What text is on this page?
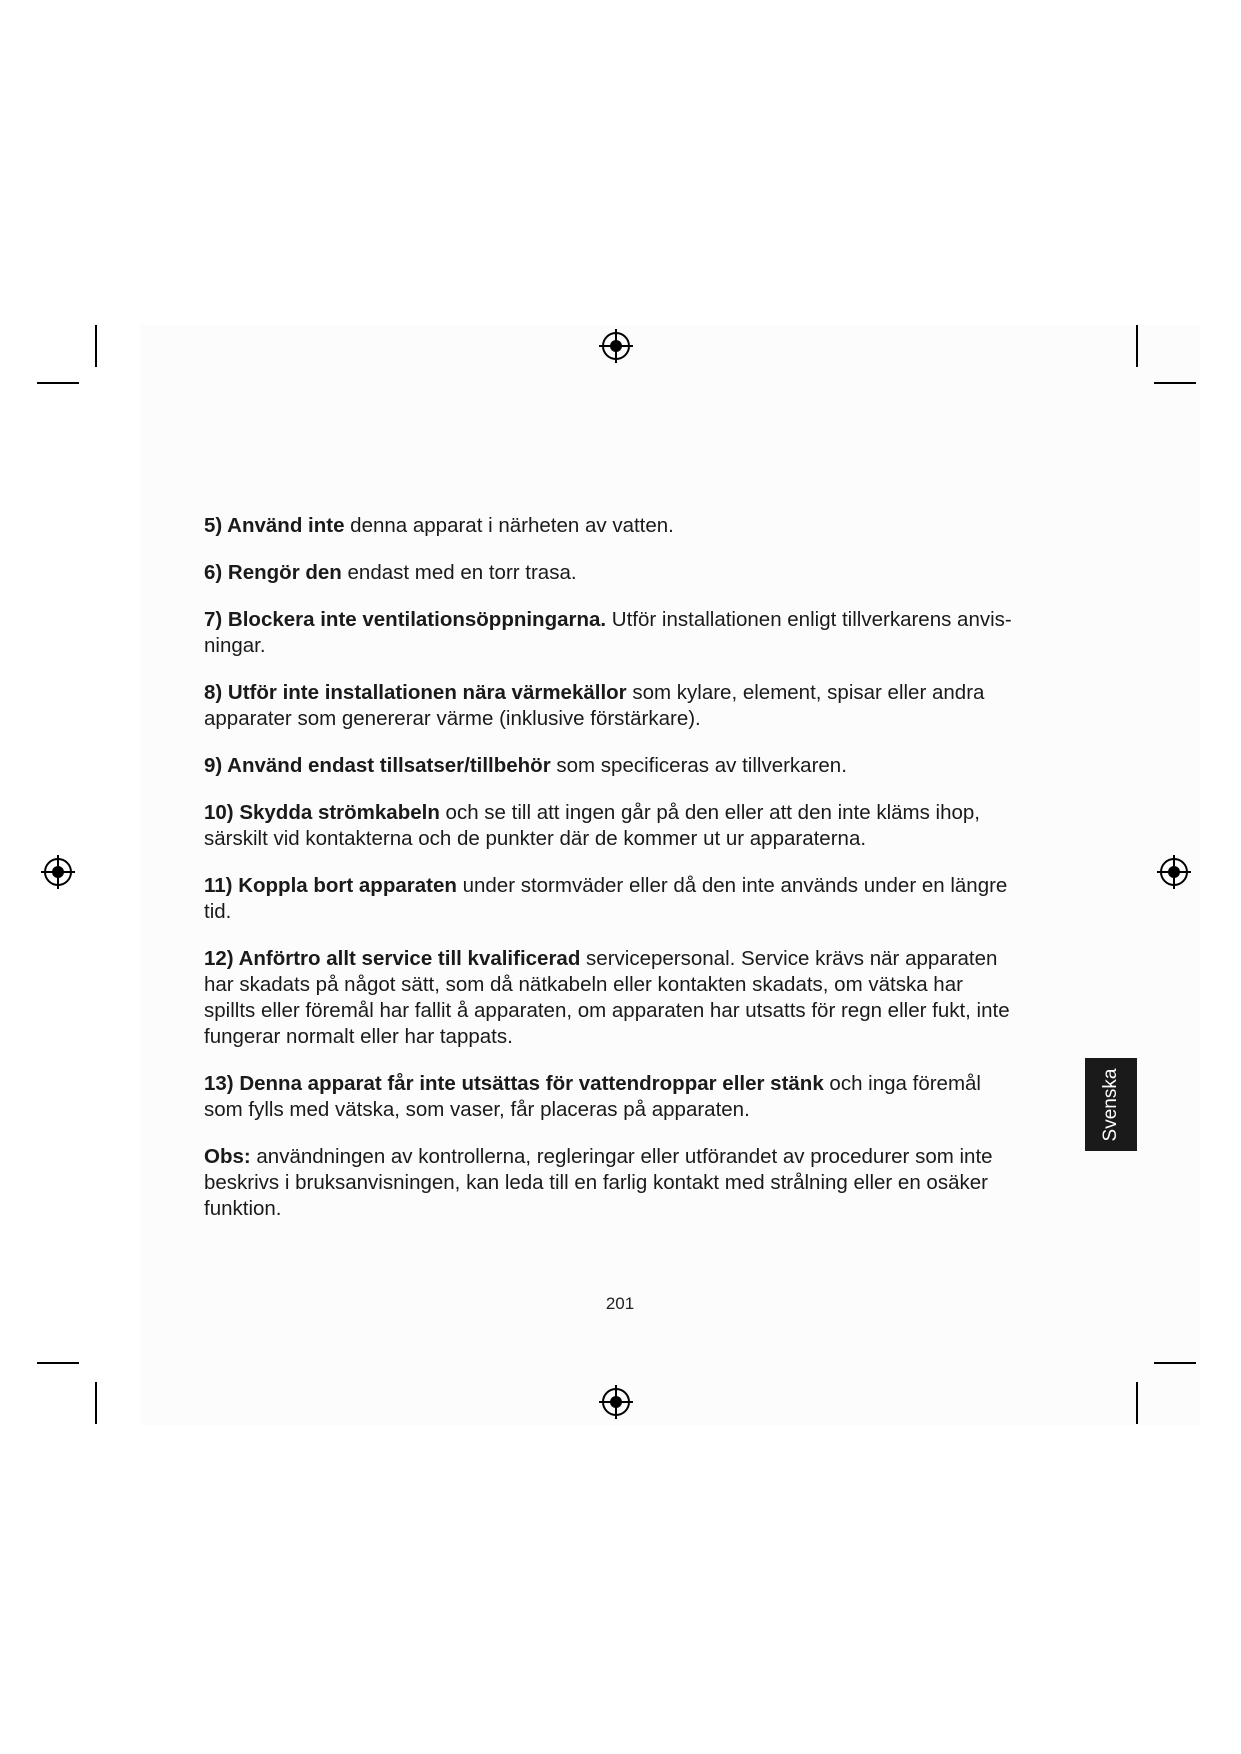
5) Använd inte denna apparat i närheten av vatten.

6) Rengör den endast med en torr trasa.

7) Blockera inte ventilationsöppningarna. Utför installationen enligt tillverkarens anvis-
ningar.

8) Utför inte installationen nära värmekällor som kylare, element, spisar eller andra
apparater som genererar värme (inklusive förstärkare).

9) Använd endast tillsatser/tillbehör som specificeras av tillverkaren.

10) Skydda strömkabeln och se till att ingen går på den eller att den inte kläms ihop,
särskilt vid kontakterna och de punkter där de kommer ut ur apparaterna.

11) Koppla bort apparaten under stormväder eller då den inte används under en längre
tid.

12) Anförtro allt service till kvalificerad servicepersonal. Service krävs när apparaten
har skadats på något sätt, som då nätkabeln eller kontakten skadats, om vätska har
spillts eller föremål har fallit å apparaten, om apparaten har utsatts för regn eller fukt, inte
fungerar normalt eller har tappats.

13) Denna apparat får inte utsättas för vattendroppar eller stänk och inga föremål
som fylls med vätska, som vaser, får placeras på apparaten.

Obs: användningen av kontrollerna, regleringar eller utförandet av procedurer som inte
beskrivs i bruksanvisningen, kan leda till en farlig kontakt med strålning eller en osäker
funktion.

201
Svenska
